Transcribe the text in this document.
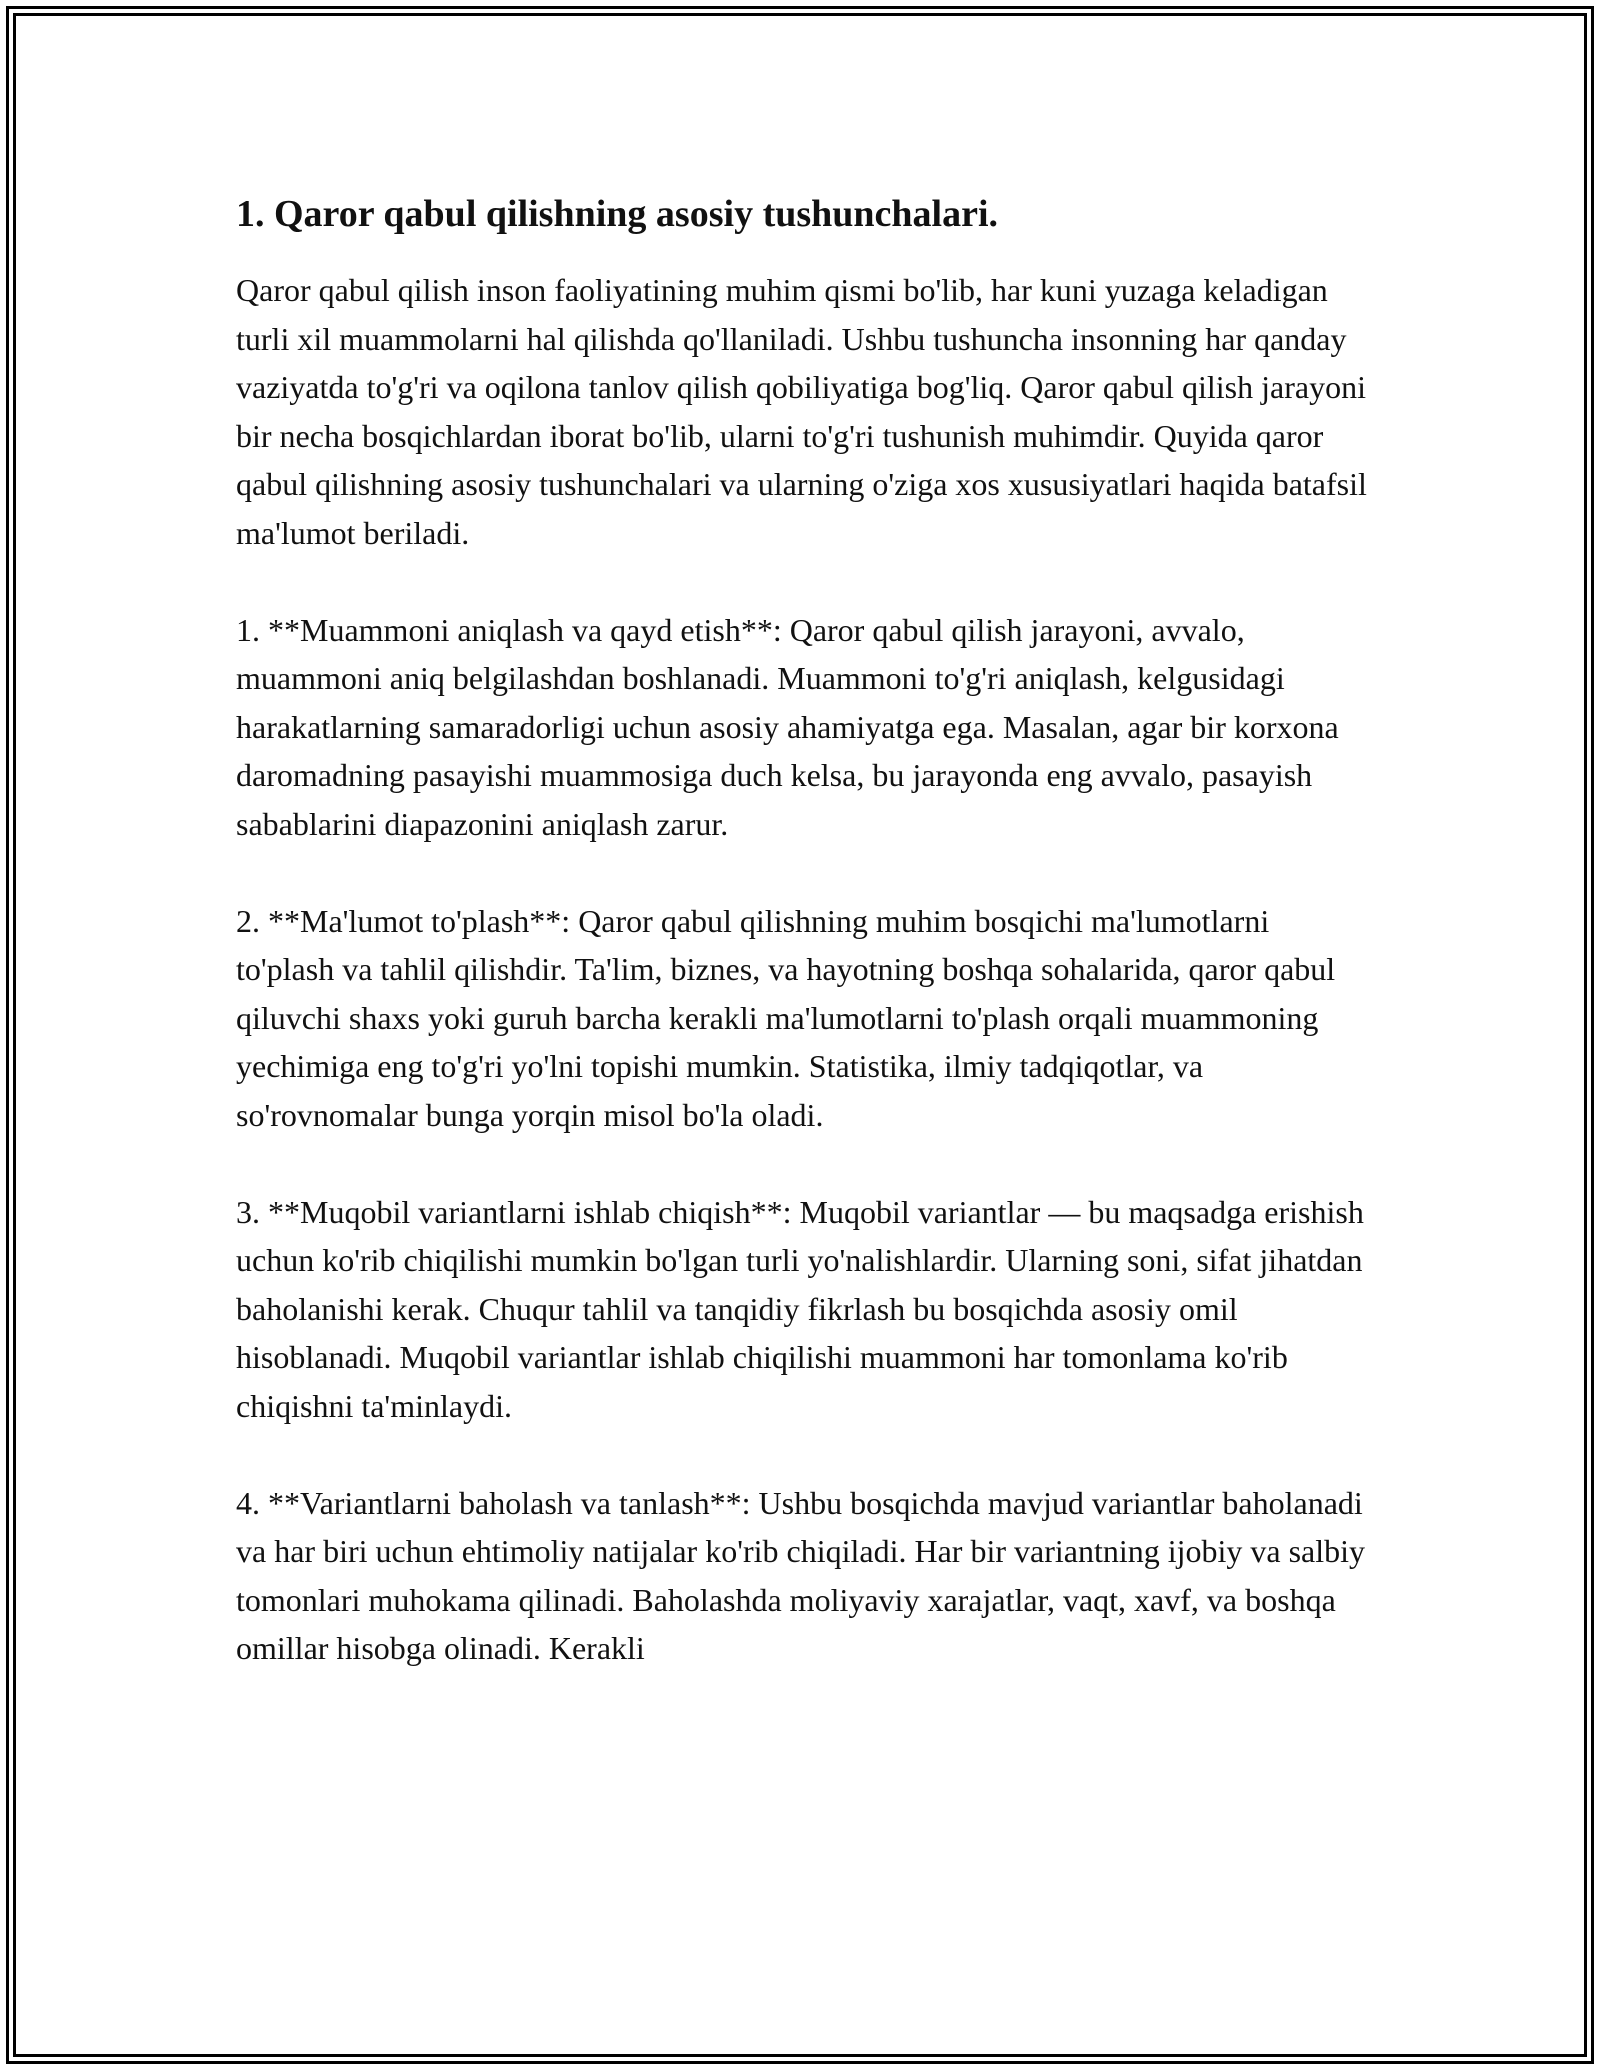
1. Qaror qabul qilishning asosiy tushunchalari.

Qaror qabul qilish inson faoliyatining muhim qismi bo'lib, har kuni yuzaga keladigan turli xil muammolarni hal qilishda qo'llaniladi. Ushbu tushuncha insonning har qanday vaziyatda to'g'ri va oqilona tanlov qilish qobiliyatiga bog'liq. Qaror qabul qilish jarayoni bir necha bosqichlardan iborat bo'lib, ularni to'g'ri tushunish muhimdir. Quyida qaror qabul qilishning asosiy tushunchalari va ularning o'ziga xos xususiyatlari haqida batafsil ma'lumot beriladi.

1. **Muammoni aniqlash va qayd etish**: Qaror qabul qilish jarayoni, avvalo, muammoni aniq belgilashdan boshlanadi. Muammoni to'g'ri aniqlash, kelgusidagi harakatlarning samaradorligi uchun asosiy ahamiyatga ega. Masalan, agar bir korxona daromadning pasayishi muammosiga duch kelsa, bu jarayonda eng avvalo, pasayish sabablarini diapazonini aniqlash zarur.

2. **Ma'lumot to'plash**: Qaror qabul qilishning muhim bosqichi ma'lumotlarni to'plash va tahlil qilishdir. Ta'lim, biznes, va hayotning boshqa sohalarida, qaror qabul qiluvchi shaxs yoki guruh barcha kerakli ma'lumotlarni to'plash orqali muammoning yechimiga eng to'g'ri yo'lni topishi mumkin. Statistika, ilmiy tadqiqotlar, va so'rovnomalar bunga yorqin misol bo'la oladi.

3. **Muqobil variantlarni ishlab chiqish**: Muqobil variantlar — bu maqsadga erishish uchun ko'rib chiqilishi mumkin bo'lgan turli yo'nalishlardir. Ularning soni, sifat jihatdan baholanishi kerak. Chuqur tahlil va tanqidiy fikrlash bu bosqichda asosiy omil hisoblanadi. Muqobil variantlar ishlab chiqilishi muammoni har tomonlama ko'rib chiqishni ta'minlaydi.

4. **Variantlarni baholash va tanlash**: Ushbu bosqichda mavjud variantlar baholanadi va har biri uchun ehtimoliy natijalar ko'rib chiqiladi. Har bir variantning ijobiy va salbiy tomonlari muhokama qilinadi. Baholashda moliyaviy xarajatlar, vaqt, xavf, va boshqa omillar hisobga olinadi. Kerakli
